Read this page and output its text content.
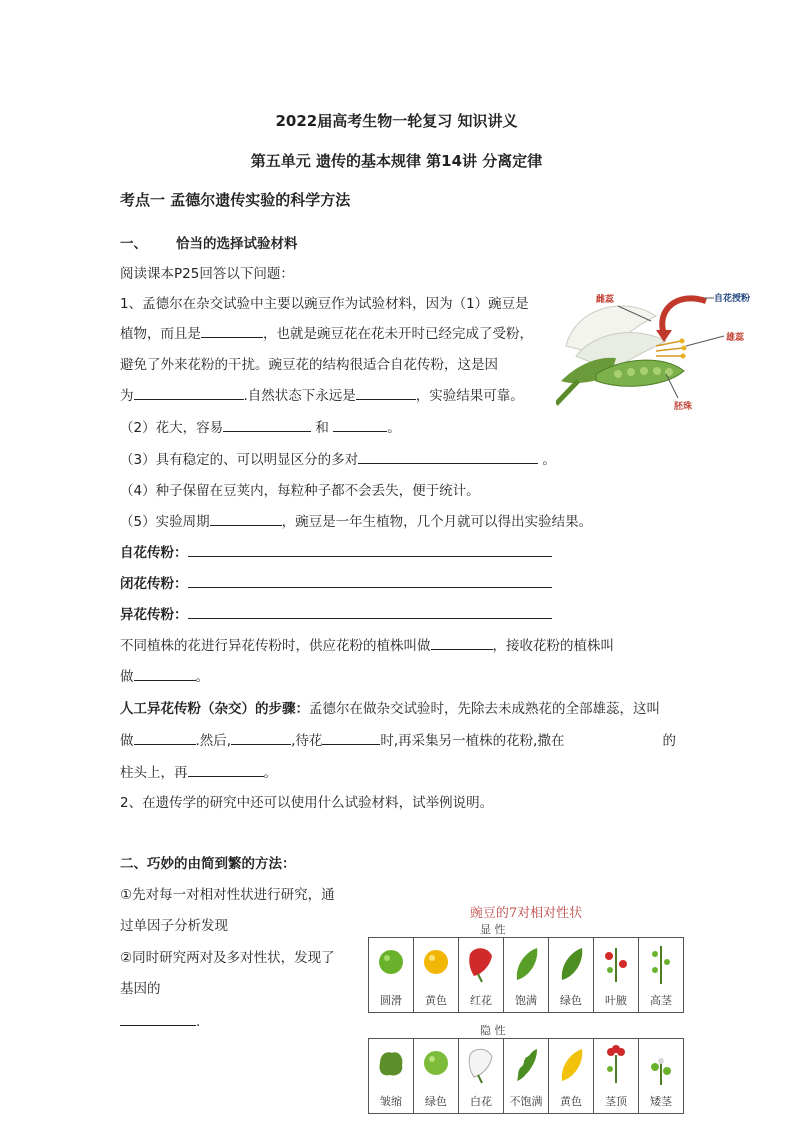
2022届高考生物一轮复习 知识讲义
第五单元 遗传的基本规律 第14讲 分离定律
考点一 孟德尔遗传实验的科学方法
一、 恰当的选择试验材料
阅读课本P25回答以下问题：
1、孟德尔在杂交试验中主要以豌豆作为试验材料，因为（1）豌豆是
植物，而且是	，也就是豌豆花在花未开时已经完成了受粉，
避免了外来花粉的干扰。豌豆花的结构很适合自花传粉，这是因
为	.自然状态下永远是	，实验结果可靠。
（2）花大，容易	和	。
（3）具有稳定的、可以明显区分的多对	。
（4）种子保留在豆荚内，每粒种子都不会丢失，便于统计。
（5）实验周期	，豌豆是一年生植物，几个月就可以得出实验结果。
自花传粉：
闭花传粉：
异花传粉：
不同植株的花进行异花传粉时，供应花粉的植株叫做	，接收花粉的植株叫
做	。
人工异花传粉（杂交）的步骤：孟德尔在做杂交试验时，先除去未成熟花的全部雄蕊，这叫
做	.然后,	,待花	时,再采集另一植株的花粉,撒在	的
柱头上，再	。
2、在遗传学的研究中还可以使用什么试验材料，试举例说明。
二、巧妙的由简到繁的方法：
①先对每一对相对性状进行研究，通
过单因子分析发现
②同时研究两对及多对性状，发现了
基因的
.
雌蕊	自花授粉
雄蕊
胚珠
豌豆的7对相对性状
显 性
圆滑 黄色 红花 饱满 绿色 叶腋 高茎
隐 性
皱缩 绿色 白花 不饱满 黄色 茎顶 矮茎
